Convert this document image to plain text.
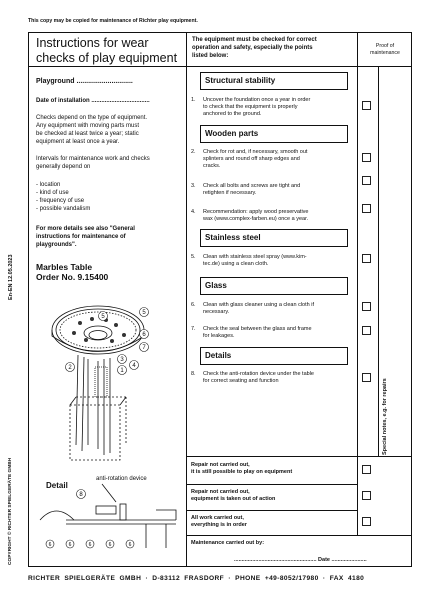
This copy may be copied for maintenance of Richter play equipment.
Instructions for wear
checks of play equipment
The equipment must be checked for correct
operation and safety, especially the points
listed below:
Proof of
maintenance
Playground .............................
Date of installation ...................................
Checks depend on the type of equipment.
Any equipment with moving parts must
be checked at least twice a year; static
equipment at least once a year.
Intervals for maintenance work and checks
generally depend on
- location
- kind of use
- frequency of use
- possible vandalism
For more details see also "General
instructions for maintenance of
playgrounds".
Marbles Table
Order No. 9.15400
5
5
6
7
3
4
1
2
Detail
anti-rotation device
8
6	6	6	6	6
Structural stability
Wooden parts
Stainless steel
Glass
Details
1. Uncover the foundation once a year in order
to check that the equipment is properly
anchored to the ground.
2. Check for rot and, if necessary, smooth out
splinters and round off sharp edges and
cracks.
3. Check all bolts and screws are tight and
retighten if necessary.
4. Recommendation: apply wood preservative
wax (www.complex-farben.eu) once a year.
5. Clean with stainless steel spray (www.kim-
tec.de) using a clean cloth.
6. Clean with glass cleaner using a clean cloth if
necessary.
7. Check the seal between the glass and frame
for leakages.
8. Check the anti-rotation device under the table
for correct seating and function	Special notes, e.g. for repairs
Repair not carried out,
it is still possible to play on equipment
Repair not carried out,
equipment is taken out of action
All work carried out,
everything is in order
Maintenance carried out by:
...................................................... Date .......................
En-EN 12.05.2023
COPYRIGHT © RICHTER SPIELGERÄTE GMBH
RICHTER SPIELGERÄTE GMBH · D-83112 FRASDORF · PHONE +49-8052/17980 · FAX 4180
